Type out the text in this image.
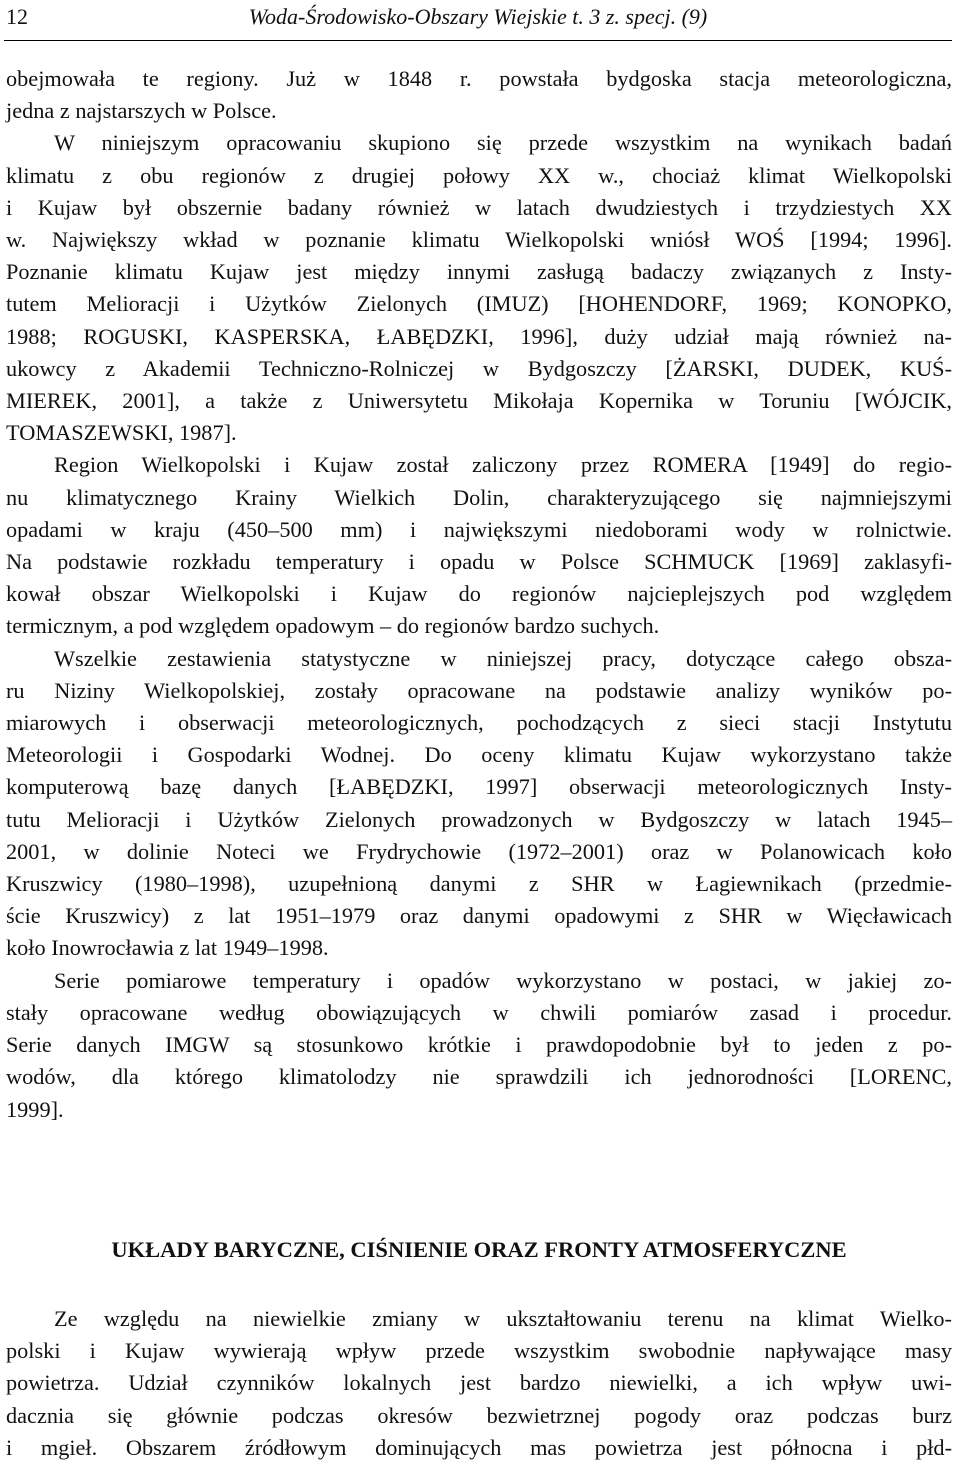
12	Woda-Środowisko-Obszary Wiejskie t. 3 z. specj. (9)
obejmowała te regiony. Już w 1848 r. powstała bydgoska stacja meteorologiczna,
jedna z najstarszych w Polsce.
W niniejszym opracowaniu skupiono się przede wszystkim na wynikach badań
klimatu z obu regionów z drugiej połowy XX w., chociaż klimat Wielkopolski
i Kujaw był obszernie badany również w latach dwudziestych i trzydziestych XX
w. Największy wkład w poznanie klimatu Wielkopolski wniósł WOŚ [1994; 1996].
Poznanie klimatu Kujaw jest między innymi zasługą badaczy związanych z Insty-
tutem Melioracji i Użytków Zielonych (IMUZ) [HOHENDORF, 1969; KONOPKO,
1988; ROGUSKI, KASPERSKA, ŁABĘDZKI, 1996], duży udział mają również na-
ukowcy z Akademii Techniczno-Rolniczej w Bydgoszczy [ŻARSKI, DUDEK, KUŚ-
MIEREK, 2001], a także z Uniwersytetu Mikołaja Kopernika w Toruniu [WÓJCIK,
TOMASZEWSKI, 1987].
Region Wielkopolski i Kujaw został zaliczony przez ROMERA [1949] do regio-
nu klimatycznego Krainy Wielkich Dolin, charakteryzującego się najmniejszymi
opadami w kraju (450–500 mm) i największymi niedoborami wody w rolnictwie.
Na podstawie rozkładu temperatury i opadu w Polsce SCHMUCK [1969] zaklasyfi-
kował obszar Wielkopolski i Kujaw do regionów najcieplejszych pod względem
termicznym, a pod względem opadowym – do regionów bardzo suchych.
Wszelkie zestawienia statystyczne w niniejszej pracy, dotyczące całego obsza-
ru Niziny Wielkopolskiej, zostały opracowane na podstawie analizy wyników po-
miarowych i obserwacji meteorologicznych, pochodzących z sieci stacji Instytutu
Meteorologii i Gospodarki Wodnej. Do oceny klimatu Kujaw wykorzystano także
komputerową bazę danych [ŁABĘDZKI, 1997] obserwacji meteorologicznych Insty-
tutu Melioracji i Użytków Zielonych prowadzonych w Bydgoszczy w latach 1945–
2001, w dolinie Noteci we Frydrychowie (1972–2001) oraz w Polanowicach koło
Kruszwicy (1980–1998), uzupełnioną danymi z SHR w Łagiewnikach (przedmie-
ście Kruszwicy) z lat 1951–1979 oraz danymi opadowymi z SHR w Więcławicach
koło Inowrocławia z lat 1949–1998.
Serie pomiarowe temperatury i opadów wykorzystano w postaci, w jakiej zo-
stały opracowane według obowiązujących w chwili pomiarów zasad i procedur.
Serie danych IMGW są stosunkowo krótkie i prawdopodobnie był to jeden z po-
wodów, dla którego klimatolodzy nie sprawdzili ich jednorodności [LORENC,
1999].
UKŁADY BARYCZNE, CIŚNIENIE ORAZ FRONTY ATMOSFERYCZNE
Ze względu na niewielkie zmiany w ukształtowaniu terenu na klimat Wielko-
polski i Kujaw wywierają wpływ przede wszystkim swobodnie napływające masy
powietrza. Udział czynników lokalnych jest bardzo niewielki, a ich wpływ uwi-
dacznia się głównie podczas okresów bezwietrznej pogody oraz podczas burz
i mgieł. Obszarem źródłowym dominujących mas powietrza jest północna i płd-
